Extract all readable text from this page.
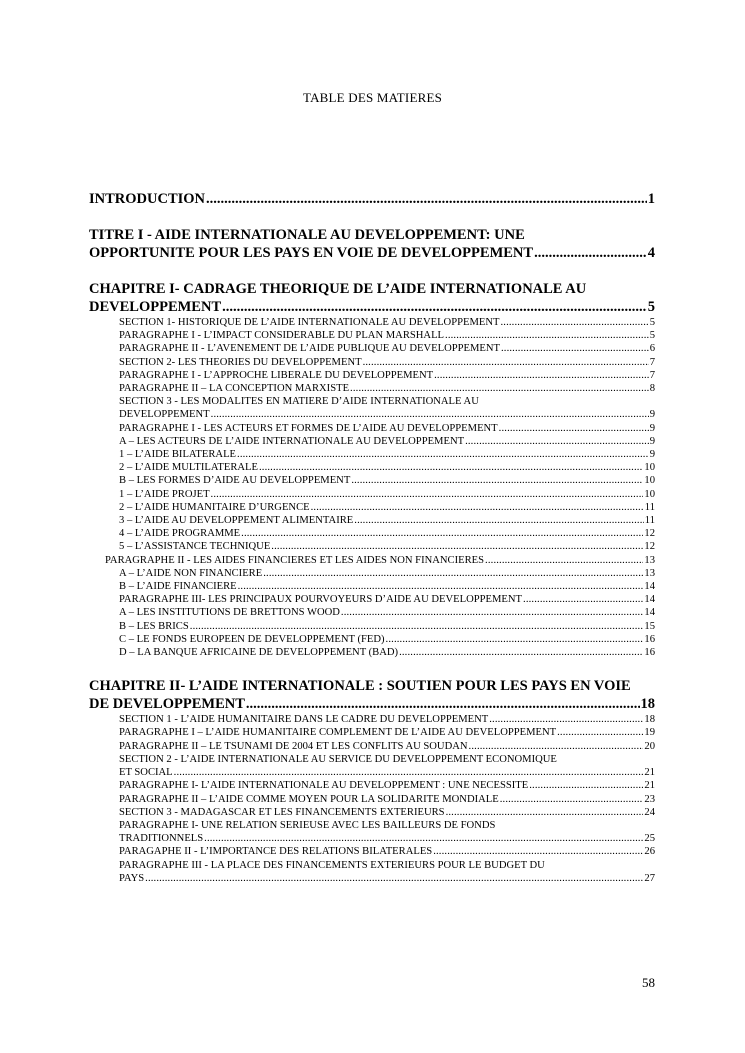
TABLE DES MATIERES
INTRODUCTION .....	1
TITRE I - AIDE INTERNATIONALE AU DEVELOPPEMENT: UNE
OPPORTUNITE POUR LES PAYS EN VOIE DE DEVELOPPEMENT .....	4
CHAPITRE I- CADRAGE THEORIQUE DE L’AIDE INTERNATIONALE AU
DEVELOPPEMENT .....	5
SECTION 1- HISTORIQUE DE L’AIDE INTERNATIONALE AU DEVELOPPEMENT .....	5
PARAGRAPHE I - L’IMPACT CONSIDERABLE DU PLAN MARSHALL .....	5
PARAGRAPHE II - L’AVENEMENT DE L’AIDE PUBLIQUE AU DEVELOPPEMENT .....	6
SECTION 2- LES THEORIES DU DEVELOPPEMENT .....	7
PARAGRAPHE I - L’APPROCHE LIBERALE DU DEVELOPPEMENT .....	7
PARAGRAPHE II – LA CONCEPTION MARXISTE .....	8
SECTION 3 - LES MODALITES EN MATIERE D’AIDE INTERNATIONALE AU
DEVELOPPEMENT .....	9
PARAGRAPHE I - LES ACTEURS ET FORMES DE L’AIDE AU DEVELOPPEMENT .....	9
A – LES ACTEURS DE L’AIDE INTERNATIONALE AU DEVELOPPEMENT .....	9
1 – L’AIDE BILATERALE .....	9
2 – L’AIDE MULTILATERALE .....	10
B – LES FORMES D’AIDE AU DEVELOPPEMENT .....	10
1 – L’AIDE PROJET .....	10
2 – L’AIDE HUMANITAIRE D’URGENCE .....	11
3 – L’AIDE AU DEVELOPPEMENT ALIMENTAIRE .....	11
4 – L’AIDE PROGRAMME .....	12
5 – L’ASSISTANCE TECHNIQUE .....	12
PARAGRAPHE II - LES AIDES FINANCIERES ET LES AIDES NON FINANCIERES .....	13
A – L’AIDE NON FINANCIERE .....	13
B – L’AIDE FINANCIERE .....	14
PARAGRAPHE III- LES PRINCIPAUX POURVOYEURS D’AIDE AU DEVELOPPEMENT .....	14
A – LES INSTITUTIONS DE BRETTONS WOOD .....	14
B – LES BRICS .....	15
C – LE FONDS EUROPEEN DE DEVELOPPEMENT (FED) .....	16
D – LA BANQUE AFRICAINE DE DEVELOPPEMENT (BAD) .....	16
CHAPITRE II- L’AIDE INTERNATIONALE : SOUTIEN POUR LES PAYS EN VOIE
DE DEVELOPPEMENT .....	18
SECTION 1 - L’AIDE HUMANITAIRE DANS LE CADRE DU DEVELOPPEMENT .....	18
PARAGRAPHE I – L’AIDE HUMANITAIRE COMPLEMENT DE L’AIDE AU DEVELOPPEMENT .....	19
PARAGRAPHE II – LE TSUNAMI DE 2004 ET LES CONFLITS AU SOUDAN .....	20
SECTION 2 - L’AIDE INTERNATIONALE AU SERVICE DU DEVELOPPEMENT ECONOMIQUE
ET SOCIAL .....	21
PARAGRAPHE I- L’AIDE INTERNATIONALE AU DEVELOPPEMENT : UNE NECESSITE .....	21
PARAGRAPHE II – L’AIDE COMME MOYEN POUR LA SOLIDARITE MONDIALE .....	23
SECTION 3 - MADAGASCAR ET LES FINANCEMENTS EXTERIEURS .....	24
PARAGRAPHE I- UNE RELATION SERIEUSE AVEC LES BAILLEURS DE FONDS
TRADITIONNELS .....	25
PARAGAPHE II - L’IMPORTANCE DES RELATIONS BILATERALES .....	26
PARAGRAPHE III - LA PLACE DES FINANCEMENTS EXTERIEURS POUR LE BUDGET DU
PAYS .....	27
58
